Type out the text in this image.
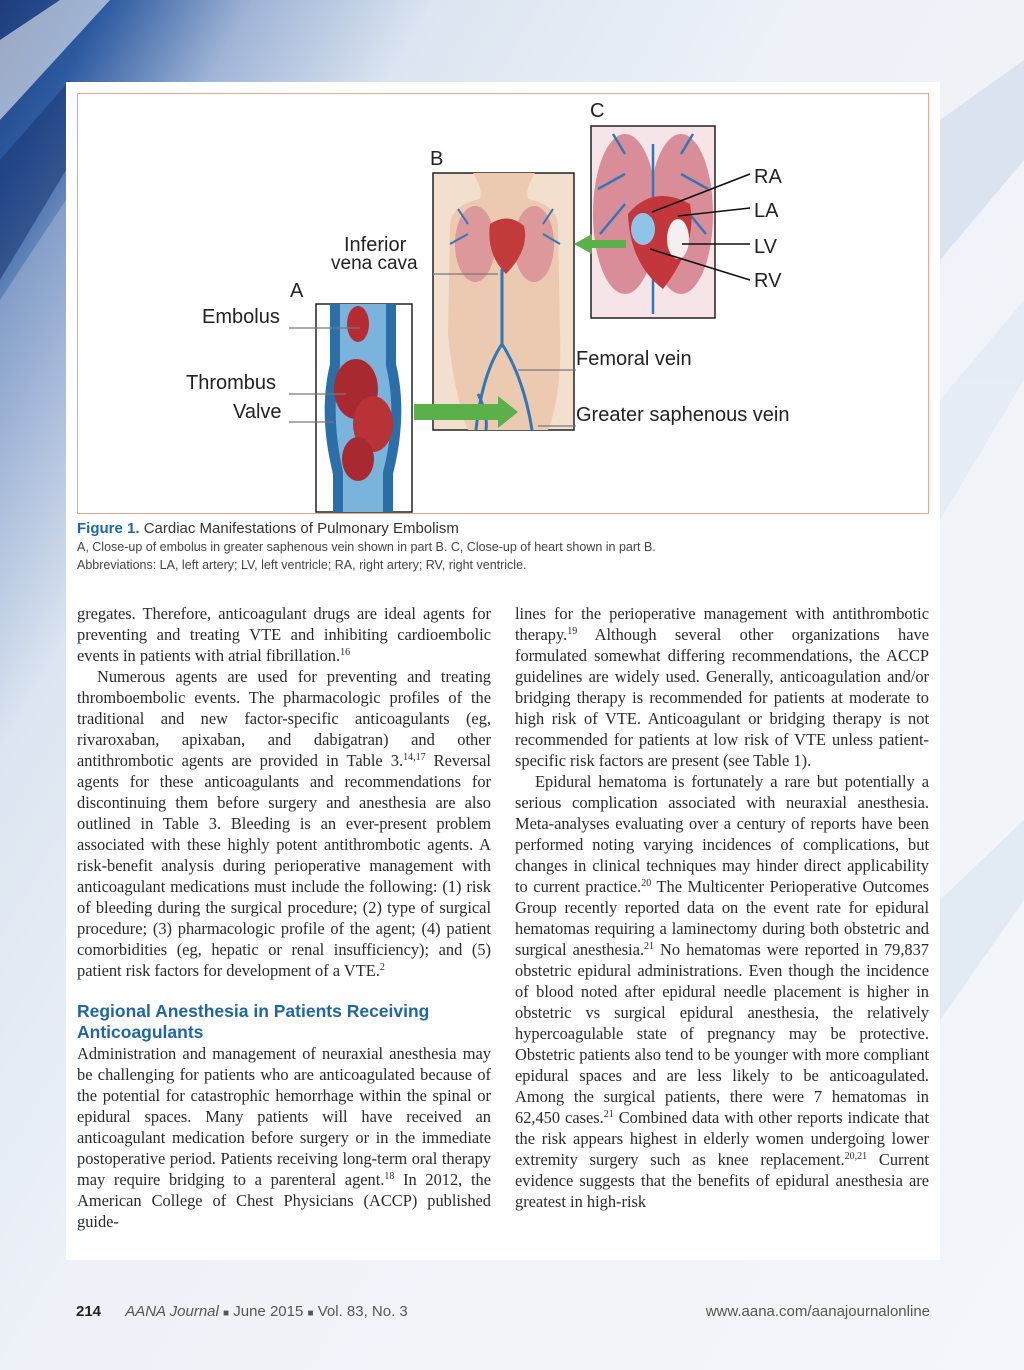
A
B
C
Inferior
vena cava
Embolus
Thrombus
Valve
RA
LA
LV
RV
Femoral vein
Greater saphenous vein
Figure 1. Cardiac Manifestations of Pulmonary Embolism
A, Close-up of embolus in greater saphenous vein shown in part B. C, Close-up of heart shown in part B.
Abbreviations: LA, left artery; LV, left ventricle; RA, right artery; RV, right ventricle.

gregates. Therefore, anticoagulant drugs are ideal agents for preventing and treating VTE and inhibiting cardioembolic events in patients with atrial fibrillation.$^{16}$

Numerous agents are used for preventing and treating thromboembolic events. The pharmacologic profiles of the traditional and new factor-specific anticoagulants (eg, rivaroxaban, apixaban, and dabigatran) and other antithrombotic agents are provided in Table 3.$^{14,17}$ Reversal agents for these anticoagulants and recommendations for discontinuing them before surgery and anesthesia are also outlined in Table 3. Bleeding is an ever-present problem associated with these highly potent antithrombotic agents. A risk-benefit analysis during perioperative management with anticoagulant medications must include the following: (1) risk of bleeding during the surgical procedure; (2) type of surgical procedure; (3) pharmacologic profile of the agent; (4) patient comorbidities (eg, hepatic or renal insufficiency); and (5) patient risk factors for development of a VTE.$^2$

Regional Anesthesia in Patients Receiving Anticoagulants

Administration and management of neuraxial anesthesia may be challenging for patients who are anticoagulated because of the potential for catastrophic hemorrhage within the spinal or epidural spaces. Many patients will have received an anticoagulant medication before surgery or in the immediate postoperative period. Patients receiving long-term oral therapy may require bridging to a parenteral agent.$^{18}$ In 2012, the American College of Chest Physicians (ACCP) published guide-

lines for the perioperative management with antithrombotic therapy.$^{19}$ Although several other organizations have formulated somewhat differing recommendations, the ACCP guidelines are widely used. Generally, anticoagulation and/or bridging therapy is recommended for patients at moderate to high risk of VTE. Anticoagulant or bridging therapy is not recommended for patients at low risk of VTE unless patient-specific risk factors are present (see Table 1).

Epidural hematoma is fortunately a rare but potentially a serious complication associated with neuraxial anesthesia. Meta-analyses evaluating over a century of reports have been performed noting varying incidences of complications, but changes in clinical techniques may hinder direct applicability to current practice.$^{20}$ The Multicenter Perioperative Outcomes Group recently reported data on the event rate for epidural hematomas requiring a laminectomy during both obstetric and surgical anesthesia.$^{21}$ No hematomas were reported in 79,837 obstetric epidural administrations. Even though the incidence of blood noted after epidural needle placement is higher in obstetric vs surgical epidural anesthesia, the relatively hypercoagulable state of pregnancy may be protective. Obstetric patients also tend to be younger with more compliant epidural spaces and are less likely to be anticoagulated. Among the surgical patients, there were 7 hematomas in 62,450 cases.$^{21}$ Combined data with other reports indicate that the risk appears highest in elderly women undergoing lower extremity surgery such as knee replacement.$^{20,21}$ Current evidence suggests that the benefits of epidural anesthesia are greatest in high-risk

214 AANA Journal ■ June 2015 ■ Vol. 83, No. 3	www.aana.com/aanajournalonline
